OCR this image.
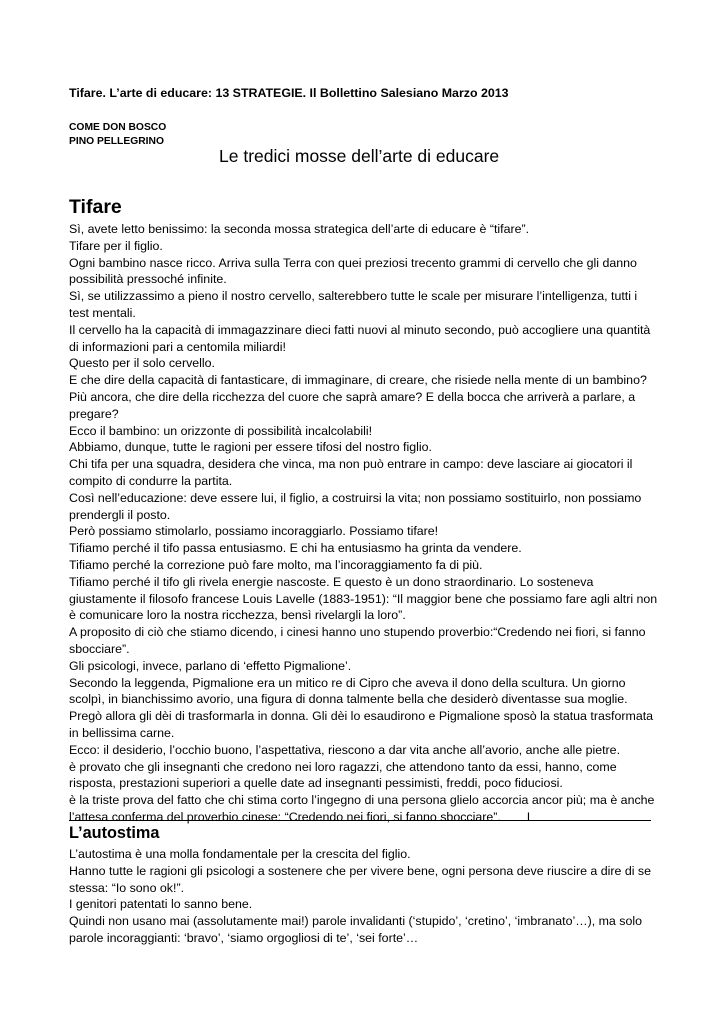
Tifare. L’arte di educare: 13 STRATEGIE. Il Bollettino Salesiano Marzo 2013
COME DON BOSCO
PINO PELLEGRINO
Le tredici mosse dell’arte di educare
Tifare

Sì, avete letto benissimo: la seconda mossa strategica dell’arte di educare è “tifare”.

Tifare per il figlio.

Ogni bambino nasce ricco. Arriva sulla Terra con quei preziosi trecento grammi di cervello che gli danno possibilità pressoché infinite.

Sì, se utilizzassimo a pieno il nostro cervello, salterebbero tutte le scale per misurare l’intelligenza, tutti i test mentali.

Il cervello ha la capacità di immagazzinare dieci fatti nuovi al minuto secondo, può accogliere una quantità di informazioni pari a centomila miliardi!

Questo per il solo cervello.

E che dire della capacità di fantasticare, di immaginare, di creare, che risiede nella mente di un bambino?

Più ancora, che dire della ricchezza del cuore che saprà amare? E della bocca che arriverà a parlare, a pregare?

Ecco il bambino: un orizzonte di possibilità incalcolabili!

Abbiamo, dunque, tutte le ragioni per essere tifosi del nostro figlio.

Chi tifa per una squadra, desidera che vinca, ma non può entrare in campo: deve lasciare ai giocatori il compito di condurre la partita.

Così nell’educazione: deve essere lui, il figlio, a costruirsi la vita; non possiamo sostituirlo, non possiamo prendergli il posto.

Però possiamo stimolarlo, possiamo incoraggiarlo. Possiamo tifare!

Tifiamo perché il tifo passa entusiasmo. E chi ha entusiasmo ha grinta da vendere.

Tifiamo perché la correzione può fare molto, ma l’incoraggiamento fa di più.

Tifiamo perché il tifo gli rivela energie nascoste. E questo è un dono straordinario. Lo sosteneva giustamente il filosofo francese Louis Lavelle (1883-1951): “Il maggior bene che possiamo fare agli altri non è comunicare loro la nostra ricchezza, bensì rivelargli la loro”.

A proposito di ciò che stiamo dicendo, i cinesi hanno uno stupendo proverbio:“Credendo nei fiori, si fanno sbocciare”.

Gli psicologi, invece, parlano di ‘effetto Pigmalione’.

Secondo la leggenda, Pigmalione era un mitico re di Cipro che aveva il dono della scultura. Un giorno scolpì, in bianchissimo avorio, una figura di donna talmente bella che desiderò diventasse sua moglie.

Pregò allora gli dèi di trasformarla in donna. Gli dèi lo esaudirono e Pigmalione sposò la statua trasformata in bellissima carne.

Ecco: il desiderio, l’occhio buono, l’aspettativa, riescono a dar vita anche all’avorio, anche alle pietre.

è provato che gli insegnanti che credono nei loro ragazzi, che attendono tanto da essi, hanno, come risposta, prestazioni superiori a quelle date ad insegnanti pessimisti, freddi, poco fiduciosi.

è la triste prova del fatto che chi stima corto l’ingegno di una persona glielo accorcia ancor più; ma è anche l’attesa conferma del proverbio cinese: “Credendo nei fiori, si fanno sbocciare”. L

L’autostima

L’autostima è una molla fondamentale per la crescita del figlio.

Hanno tutte le ragioni gli psicologi a sostenere che per vivere bene, ogni persona deve riuscire a dire di se stessa: “Io sono ok!”.

I genitori patentati lo sanno bene.

Quindi non usano mai (assolutamente mai!) parole invalidanti (‘stupido’, ‘cretino’, ‘imbranato’…), ma solo parole incoraggianti: ‘bravo’, ‘siamo orgogliosi di te’, ‘sei forte’…
